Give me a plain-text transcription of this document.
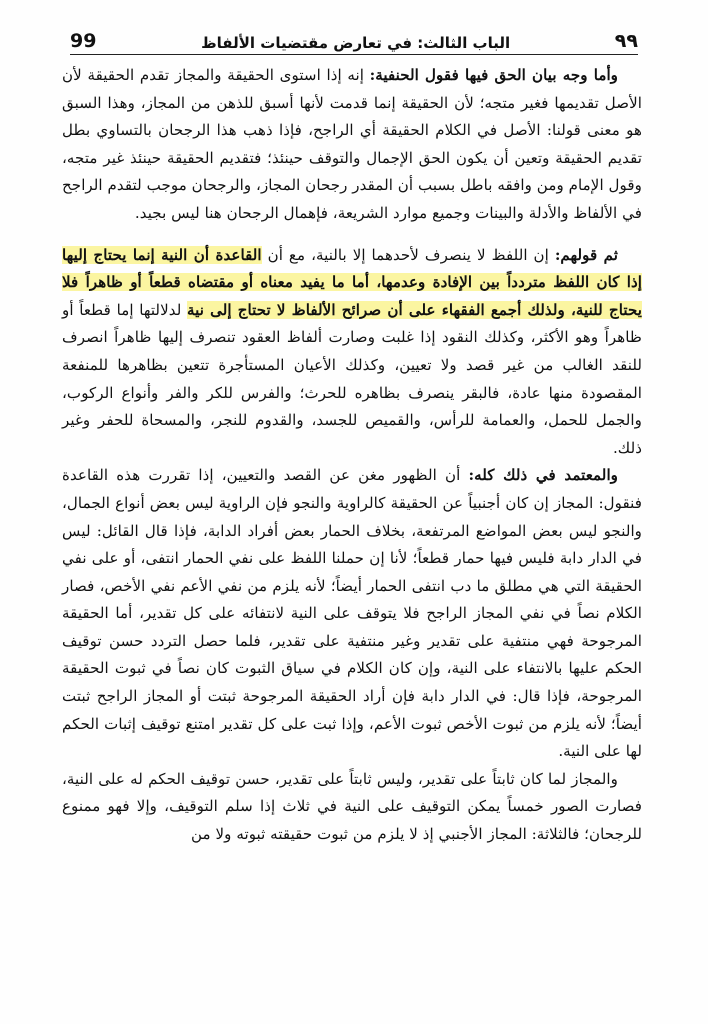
99	الباب الثالث: في تعارض مقتضيات الألفاظ	٩٩

وأما وجه بيان الحق فيها فقول الحنفية: إنه إذا استوى الحقيقة والمجاز تقدم الحقيقة لأن الأصل تقديمها فغير متجه؛ لأن الحقيقة إنما قدمت لأنها أسبق للذهن من المجاز، وهذا السبق هو معنى قولنا: الأصل في الكلام الحقيقة أي الراجح، فإذا ذهب هذا الرجحان بالتساوي بطل تقديم الحقيقة وتعين أن يكون الحق الإجمال والتوقف حينئذ؛ فتقديم الحقيقة حينئذ غير متجه، وقول الإمام ومن وافقه باطل بسبب أن المقدر رجحان المجاز، والرجحان موجب لتقدم الراجح في الألفاظ والأدلة والبينات وجميع موارد الشريعة، فإهمال الرجحان هنا ليس بجيد.

ثم قولهم: إن اللفظ لا ينصرف لأحدهما إلا بالنية، مع أن القاعدة أن النية إنما يحتاج إليها إذا كان اللفظ متردداً بين الإفادة وعدمها، أما ما يفيد معناه أو مقتضاه قطعاً أو ظاهراً فلا يحتاج للنية، ولذلك أجمع الفقهاء على أن صرائح الألفاظ لا تحتاج إلى نية لدلالتها إما قطعاً أو ظاهراً وهو الأكثر، وكذلك النقود إذا غلبت وصارت ألفاظ العقود تنصرف إليها ظاهراً انصرف للنقد الغالب من غير قصد ولا تعيين، وكذلك الأعيان المستأجرة تتعين بظاهرها للمنفعة المقصودة منها عادة، فالبقر ينصرف بظاهره للحرث؛ والفرس للكر والفر وأنواع الركوب، والجمل للحمل، والعمامة للرأس، والقميص للجسد، والقدوم للنجر، والمسحاة للحفر وغير ذلك.

والمعتمد في ذلك كله: أن الظهور مغن عن القصد والتعيين، إذا تقررت هذه القاعدة فنقول: المجاز إن كان أجنبياً عن الحقيقة كالراوية والنجو فإن الراوية ليس بعض أنواع الجمال، والنجو ليس بعض المواضع المرتفعة، بخلاف الحمار بعض أفراد الدابة، فإذا قال القائل: ليس في الدار دابة فليس فيها حمار قطعاً؛ لأنا إن حملنا اللفظ على نفي الحمار انتفى، أو على نفي الحقيقة التي هي مطلق ما دب انتفى الحمار أيضاً؛ لأنه يلزم من نفي الأعم نفي الأخص، فصار الكلام نصاً في نفي المجاز الراجح فلا يتوقف على النية لانتفائه على كل تقدير، أما الحقيقة المرجوحة فهي منتفية على تقدير وغير منتفية على تقدير، فلما حصل التردد حسن توقيف الحكم عليها بالانتفاء على النية، وإن كان الكلام في سياق الثبوت كان نصاً في ثبوت الحقيقة المرجوحة، فإذا قال: في الدار دابة فإن أراد الحقيقة المرجوحة ثبتت أو المجاز الراجح ثبتت أيضاً؛ لأنه يلزم من ثبوت الأخص ثبوت الأعم، وإذا ثبت على كل تقدير امتنع توقيف إثبات الحكم لها على النية.

والمجاز لما كان ثابتاً على تقدير، وليس ثابتاً على تقدير، حسن توقيف الحكم له على النية، فصارت الصور خمساً يمكن التوقيف على النية في ثلاث إذا سلم التوقيف، وإلا فهو ممنوع للرجحان؛ فالثلاثة: المجاز الأجنبي إذ لا يلزم من ثبوت حقيقته ثبوته ولا من
